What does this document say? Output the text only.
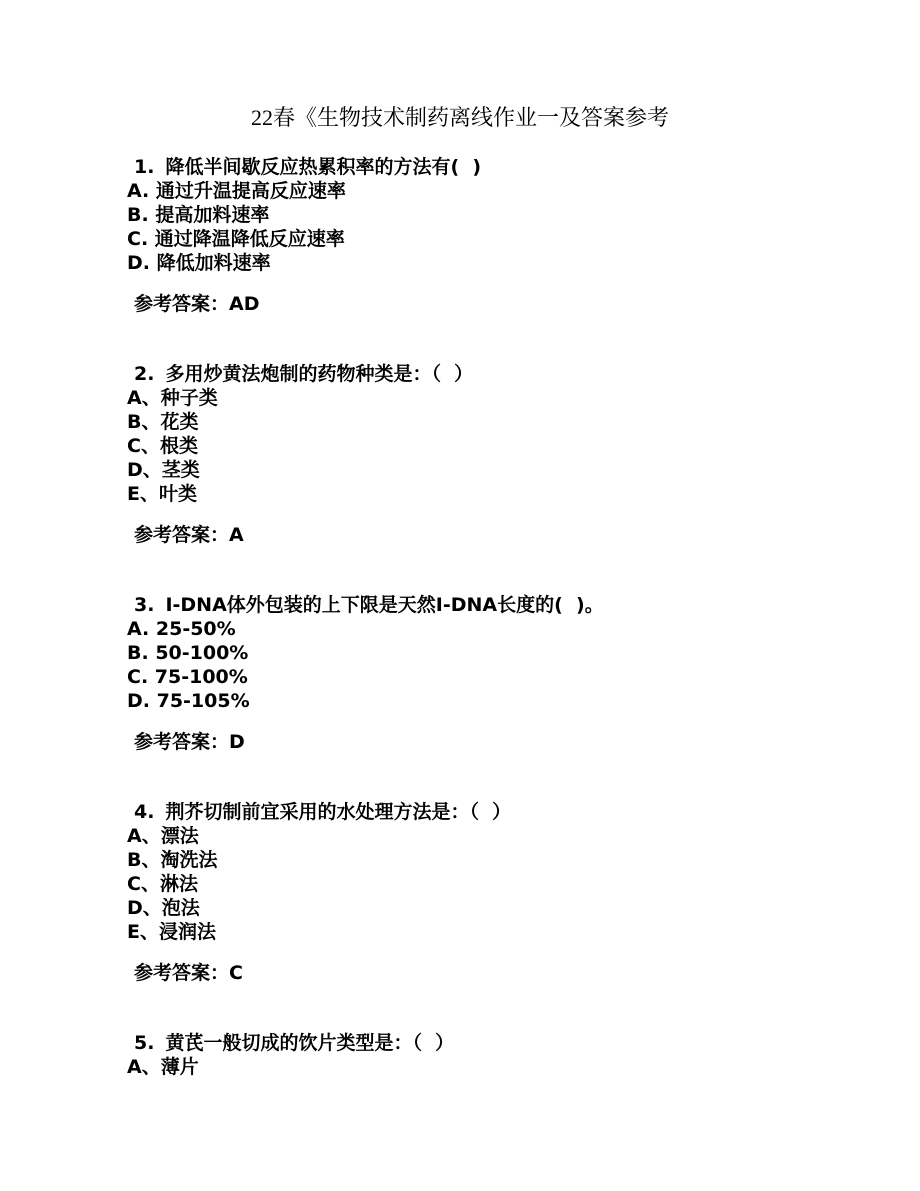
22春《生物技术制药离线作业一及答案参考
1. 降低半间歇反应热累积率的方法有(  )
A. 通过升温提高反应速率
B. 提高加料速率
C. 通过降温降低反应速率
D. 降低加料速率
参考答案：AD
2. 多用炒黄法炮制的药物种类是：（  ）
A、种子类
B、花类
C、根类
D、茎类
E、叶类
参考答案：A
3. I-DNA体外包装的上下限是天然I-DNA长度的(  )。
A. 25-50%
B. 50-100%
C. 75-100%
D. 75-105%
参考答案：D
4. 荆芥切制前宜采用的水处理方法是：（  ）
A、漂法
B、淘洗法
C、淋法
D、泡法
E、浸润法
参考答案：C
5. 黄芪一般切成的饮片类型是：（  ）
A、薄片
